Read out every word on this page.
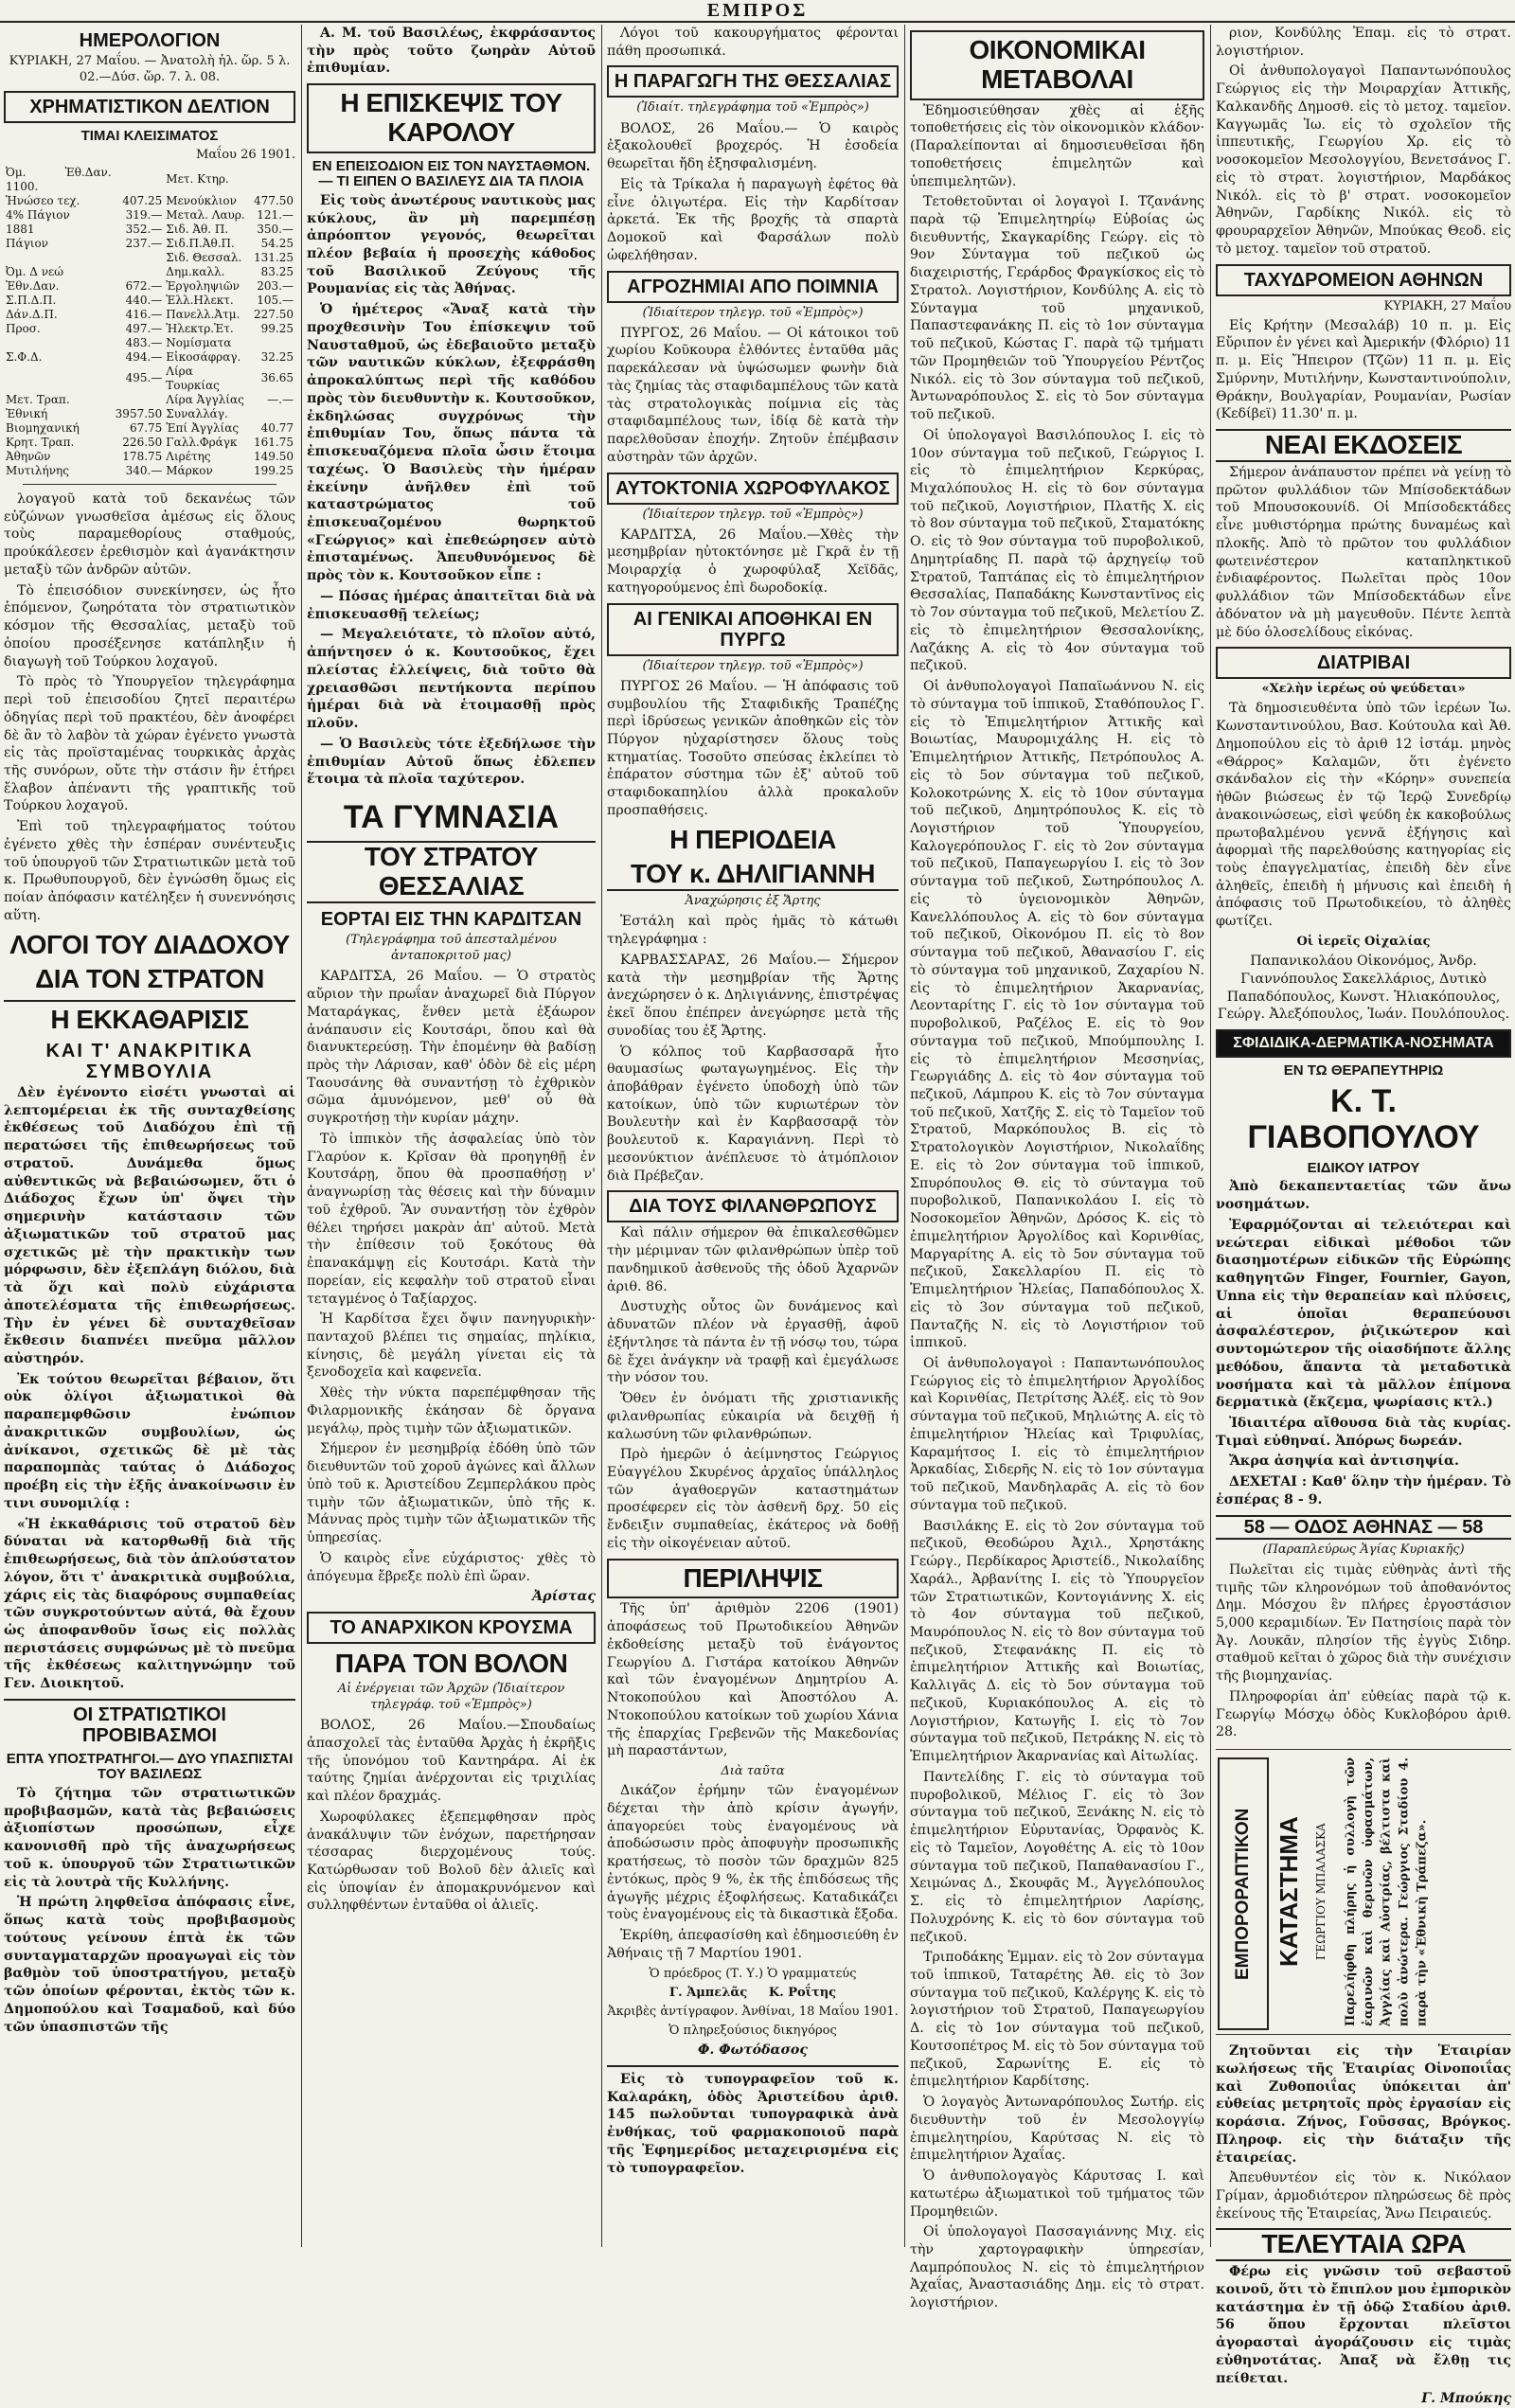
ΕΜΠΡΟΣ
ΗΜΕΡΟΛΟΓΙΟΝ
ΚΥΡΙΑΚΗ, 27 Μαΐου. — Ἀνατολὴ ἡλ. ὥρ. 5 λ. 02.—Δύσ. ὥρ. 7. λ. 08.
ΧΡΗΜΑΤΙΣΤΙΚΟΝ ΔΕΛΤΙΟΝ
ΤΙΜΑΙ ΚΛΕΙΣΙΜΑΤΟΣ
Μαΐου 26 1901.
Ὀμ. Ἐθ.Δαν. 1100.		Μετ. Κτηρ.	
Ἡνώσεο τεχ.	407.25	Μενούκλιον	477.50
4% Πάγιον	319.—	Μεταλ. Λαυρ.	121.—
1881	352.—	Σιδ. Ἀθ. Π.	350.—
Πάγιον	237.—	Σιδ.Π.Ἀθ.Π.	54.25
		Σιδ. Θεσσαλ.	131.25
Ὀμ. Δ νεώ		Δημ.καλλ.	83.25
Ἐθν.Δαν.	672.—	Ἐργοληψιῶν	203.—
Σ.Π.Δ.Π.	440.—	Ἑλλ.Ηλεκτ.	105.—
Δάν.Δ.Π.	416.—	Πανελλ.Ἀτμ.	227.50
Προσ.	497.—	Ἠλεκτρ.Ἑτ.	99.25
	483.—	Νομίσματα	
Σ.Φ.Δ.	494.—	Εἰκοσάφραγ.	32.25
	495.—	Λίρα Τουρκίας	36.65
Μετ. Τραπ.		Λίρα Ἀγγλίας	—.—
Ἐθνική	3957.50	Συναλλάγ.	
Βιομηχανική	67.75	Ἐπί Ἀγγλίας	40.77
Κρητ. Τραπ.	226.50	Γαλλ.Φράγκ	161.75
Ἀθηνῶν	178.75	Λιρέτης	149.50
Μυτιλήνης	340.—	Μάρκον	199.25

λογαγοῦ κατὰ τοῦ δεκανέως τῶν εὐζώνων γνωσθεῖσα ἀμέσως εἰς ὅλους τοὺς παραμεθορίους σταθμούς, προύκάλεσεν ἐρεθισμὸν καὶ ἀγανάκτησιν μεταξὺ τῶν ἀνδρῶν αὐτῶν.

Τὸ ἐπεισόδιον συνεκίνησεν, ὡς ἦτο ἑπόμενον, ζωηρότατα τὸν στρατιωτικὸν κόσμον τῆς Θεσσαλίας, μεταξὺ τοῦ ὁποίου προσέξενησε κατάπληξιν ἡ διαγωγὴ τοῦ Τούρκου λοχαγοῦ.

Τὸ πρὸς τὸ Ὑπουργεῖον τηλεγράφημα περὶ τοῦ ἐπεισοδίου ζητεῖ περαιτέρω ὁδηγίας περὶ τοῦ πρακτέου, δὲν ἀνοφέρει δὲ ἂν τὸ λαβὸν τὰ χώραν ἐγένετο γνωστὰ εἰς τὰς προϊσταμένας τουρκικὰς ἀρχὰς τῆς συνόρων, οὔτε τὴν στάσιν ἣν ἐτήρει ἔλαβον ἀπέναντι τῆς γραπτικῆς τοῦ Τούρκου λοχαγοῦ.

Ἐπὶ τοῦ τηλεγραφήματος τούτου ἐγένετο χθὲς τὴν ἑσπέραν συνέντευξις τοῦ ὑπουργοῦ τῶν Στρατιωτικῶν μετὰ τοῦ κ. Πρωθυπουργοῦ, δὲν ἐγνώσθη ὅμως εἰς ποίαν ἀπόφασιν κατέληξεν ἡ συνεννόησις αὕτη.

ΛΟΓΟΙ ΤΟΥ ΔΙΑΔΟΧΟΥ
ΔΙΑ ΤΟΝ ΣΤΡΑΤΟΝ
Η ΕΚΚΑΘΑΡΙΣΙΣ
ΚΑΙ Τ' ΑΝΑΚΡΙΤΙΚΑ ΣΥΜΒΟΥΛΙΑ

Δὲν ἐγένοντο εἰσέτι γνωσταὶ αἱ λεπτομέρειαι ἐκ τῆς συνταχθείσης ἐκθέσεως τοῦ Διαδόχου ἐπὶ τῇ περατώσει τῆς ἐπιθεωρήσεως τοῦ στρατοῦ. Δυνάμεθα ὅμως αὐθεντικῶς νὰ βεβαιώσωμεν, ὅτι ὁ Διάδοχος ἔχων ὑπ' ὄψει τὴν σημερινὴν κατάστασιν τῶν ἀξιωματικῶν τοῦ στρατοῦ μας σχετικῶς μὲ τὴν πρακτικὴν των μόρφωσιν, δὲν ἐξεπλάγη διόλου, διὰ τὰ ὅχι καὶ πολὺ εὐχάριστα ἀποτελέσματα τῆς ἐπιθεωρήσεως. Τὴν ἐν γένει δὲ συνταχθεῖσαν ἔκθεσιν διαπνέει πνεῦμα μᾶλλον αὐστηρόν.

Ἐκ τούτου θεωρεῖται βέβαιον, ὅτι οὐκ ὀλίγοι ἀξιωματικοὶ θὰ παραπεμφθῶσιν ἐνώπιον ἀνακριτικῶν συμβουλίων, ὡς ἀνίκανοι, σχετικῶς δὲ μὲ τὰς παραπομπὰς ταύτας ὁ Διάδοχος προέβη εἰς τὴν ἐξῆς ἀνακοίνωσιν ἐν τινι συνομιλίᾳ :

«Ἡ ἐκκαθάρισις τοῦ στρατοῦ δὲν δύναται νὰ κατορθωθῇ διὰ τῆς ἐπιθεωρήσεως, διὰ τὸν ἁπλούστατον λόγον, ὅτι τ' ἀνακριτικὰ συμβούλια, χάρις εἰς τὰς διαφόρους συμπαθείας τῶν συγκροτούντων αὐτά, θὰ ἔχουν ὡς ἀποφανθοῦν ἴσως εἰς πολλὰς περιστάσεις συμφώνως μὲ τὸ πνεῦμα τῆς ἐκθέσεως καλιτηγνώμην τοῦ Γεν. Διοικητοῦ.

ΟΙ ΣΤΡΑΤΙΩΤΙΚΟΙ ΠΡΟΒΙΒΑΣΜΟΙ
ΕΠΤΑ ΥΠΟΣΤΡΑΤΗΓΟΙ.— ΔΥΟ ΥΠΑΣΠΙΣΤΑΙ ΤΟΥ ΒΑΣΙΛΕΩΣ

Τὸ ζήτημα τῶν στρατιωτικῶν προβιβασμῶν, κατὰ τὰς βεβαιώσεις ἀξιοπίστων προσώπων, εἶχε κανονισθῆ πρὸ τῆς ἀναχωρήσεως τοῦ κ. ὑπουργοῦ τῶν Στρατιωτικῶν εἰς τὰ λουτρὰ τῆς Κυλλήνης.

Ἡ πρώτη ληφθεῖσα ἀπόφασις εἶνε, ὅπως κατὰ τοὺς προβιβασμοὺς τούτους γείνουν ἑπτὰ ἐκ τῶν συνταγματαρχῶν προαγωγαὶ εἰς τὸν βαθμὸν τοῦ ὑποστρατήγου, μεταξὺ τῶν ὁποίων φέρονται, ἐκτὸς τῶν κ. Δημοπούλου καὶ Τσαμαδοῦ, καὶ δύο τῶν ὑπασπιστῶν τῆς

Α. Μ. τοῦ Βασιλέως, ἐκφράσαντος τὴν πρὸς τοῦτο ζωηρὰν Αὐτοῦ ἐπιθυμίαν.

Η ΕΠΙΣΚΕΨΙΣ ΤΟΥ ΚΑΡΟΛΟΥ
ΕΝ ΕΠΕΙΣΟΔΙΟΝ ΕΙΣ ΤΟΝ ΝΑΥΣΤΑΘΜΟΝ.— ΤΙ ΕΙΠΕΝ Ο ΒΑΣΙΛΕΥΣ ΔΙΑ ΤΑ ΠΛΟΙΑ

Εἰς τοὺς ἀνωτέρους ναυτικοὺς μας κύκλους, ἂν μὴ παρεμπέσῃ ἀπρόοπτον γεγονός, θεωρεῖται πλέον βεβαία ἡ προσεχὴς κάθοδος τοῦ Βασιλικοῦ Ζεύγους τῆς Ρουμανίας εἰς τὰς Ἀθήνας.

Ὁ ἡμέτερος «Ἄναξ κατὰ τὴν προχθεσινὴν Του ἐπίσκεψιν τοῦ Ναυσταθμοῦ, ὡς ἐδεβαιοῦτο μεταξὺ τῶν ναυτικῶν κύκλων, ἐξεφράσθη ἀπροκαλύπτως περὶ τῆς καθόδου πρὸς τὸν διευθυντὴν κ. Κουτσοῦκον, ἐκδηλώσας συγχρόνως τὴν ἐπιθυμίαν Του, ὅπως πάντα τὰ ἐπισκευαζόμενα πλοῖα ὦσιν ἕτοιμα ταχέως. Ὁ Βασιλεὺς τὴν ἡμέραν ἐκείνην ἀνῆλθεν ἐπὶ τοῦ καταστρώματος τοῦ ἐπισκευαζομένου θωρηκτοῦ «Γεώργιος» καὶ ἐπεθεώρησεν αὐτὸ ἐπισταμένως. Ἀπευθυνόμενος δὲ πρὸς τὸν κ. Κουτσοῦκον εἶπε :

— Πόσας ἡμέρας ἀπαιτεῖται διὰ νὰ ἐπισκευασθῇ τελείως;

— Μεγαλειότατε, τὸ πλοῖον αὐτό, ἀπήντησεν ὁ κ. Κουτσοῦκος, ἔχει πλείστας ἐλλείψεις, διὰ τοῦτο θὰ χρειασθῶσι πεντήκοντα περίπου ἡμέραι διὰ νὰ ἑτοιμασθῇ πρὸς πλοῦν.

— Ὁ Βασιλεὺς τότε ἐξεδήλωσε τὴν ἐπιθυμίαν Αὐτοῦ ὅπως ἐδλεπεν ἕτοιμα τὰ πλοῖα ταχύτερον.

ΤΑ ΓΥΜΝΑΣΙΑ
ΤΟΥ ΣΤΡΑΤΟΥ ΘΕΣΣΑΛΙΑΣ
ΕΟΡΤΑΙ ΕΙΣ ΤΗΝ ΚΑΡΔΙΤΣΑΝ
(Τηλεγράφημα τοῦ ἀπεσταλμένου ἀνταποκριτοῦ μας)

ΚΑΡΔΙΤΣΑ, 26 Μαΐου. — Ὁ στρατὸς αὔριον τὴν πρωΐαν ἀναχωρεῖ διὰ Πύργον Ματαράγκας, ἔνθεν μετὰ ἑξάωρον ἀνάπαυσιν εἰς Κουτσάρι, ὅπου καὶ θὰ διανυκτερεύσῃ. Τὴν ἐπομένην θὰ βαδίσῃ πρὸς τὴν Λάρισαν, καθ' ὁδὸν δὲ εἰς μέρη Ταουσάνης θὰ συναντήσῃ τὸ ἐχθρικὸν σῶμα ἀμυνόμενον, μεθ' οὗ θὰ συγκροτήσῃ τὴν κυρίαν μάχην.

Τὸ ἱππικὸν τῆς ἀσφαλείας ὑπὸ τὸν Γλαρύον κ. Κρῖσαν θὰ προηγηθῇ ἐν Κουτσάρῃ, ὅπου θὰ προσπαθήσῃ ν' ἀναγνωρίσῃ τὰς θέσεις καὶ τὴν δύναμιν τοῦ ἐχθροῦ. Ἂν συναντήσῃ τὸν ἐχθρὸν θέλει τηρήσει μακρὰν ἀπ' αὐτοῦ. Μετὰ τὴν ἐπίθεσιν τοῦ ξοκότους θὰ ἐπανακάμψῃ εἰς Κουτσάρι. Κατὰ τὴν πορείαν, εἰς κεφαλὴν τοῦ στρατοῦ εἶναι τεταγμένος ὁ Ταξίαρχος.

Ἡ Καρδίτσα ἔχει ὄψιν πανηγυρικὴν· πανταχοῦ βλέπει τις σημαίας, πηλίκια, κίνησις, δὲ μεγάλη γίνεται εἰς τὰ ξενοδοχεῖα καὶ καφενεῖα.

Χθὲς τὴν νύκτα παρεπέμφθησαν τῆς Φιλαρμονικῆς ἐκάησαν δὲ ὄργανα μεγάλῳ, πρὸς τιμὴν τῶν ἀξιωματικῶν.

Σήμερον ἐν μεσημβρίᾳ ἐδόθη ὑπὸ τῶν διευθυντῶν τοῦ χοροῦ ἀγώνες καὶ ἄλλων ὑπὸ τοῦ κ. Ἀριστείδου Ζεμπερλάκου πρὸς τιμὴν τῶν ἀξιωματικῶν, ὑπὸ τῆς κ. Μάννας πρὸς τιμὴν τῶν ἀξιωματικῶν τῆς ὑπηρεσίας.

Ὁ καιρὸς εἶνε εὐχάριστος· χθὲς τὸ ἀπόγευμα ἔβρεξε πολὺ ἐπὶ ὥραν.

Ἀρίστας
ΤΟ ΑΝΑΡΧΙΚΟΝ ΚΡΟΥΣΜΑ
ΠΑΡΑ ΤΟΝ ΒΟΛΟΝ
Αἱ ἐνέργειαι τῶν Ἀρχῶν (Ἰδιαίτερον τηλεγράφ. τοῦ «Ἐμπρὸς»)

ΒΟΛΟΣ, 26 Μαΐου.—Σπουδαίως ἀπασχολεῖ τὰς ἐνταῦθα Ἀρχὰς ἡ ἐκρῆξις τῆς ὑπονόμου τοῦ Καντηράρα. Αἱ ἐκ ταύτης ζημίαι ἀνέρχονται εἰς τριχιλίας καὶ πλέον δραχμάς.

Χωροφύλακες ἐξεπεμφθησαν πρὸς ἀνακάλυψιν τῶν ἐνόχων, παρετήρησαν τέσσαρας διερχομένους τούς. Κατώρθωσαν τοῦ Βολοῦ δὲν ἀλιεῖς καὶ εἰς ὑποψίαν ἐν ἀπομακρυνόμενον καὶ συλληφθέντων ἐνταῦθα οἱ ἀλιεῖς.

Λόγοι τοῦ κακουργήματος φέρονται πάθη προσωπικά.

Η ΠΑΡΑΓΩΓΗ ΤΗΣ ΘΕΣΣΑΛΙΑΣ
(Ἰδιαίτ. τηλεγράφημα τοῦ «Ἐμπρὸς»)

ΒΟΛΟΣ, 26 Μαΐου.— Ὁ καιρὸς ἐξακολουθεῖ βροχερός. Ἡ ἐσοδεία θεωρεῖται ἤδη ἐξησφαλισμένη.

Εἰς τὰ Τρίκαλα ἡ παραγωγὴ ἐφέτος θὰ εἶνε ὀλιγωτέρα. Εἰς τὴν Καρδίτσαν ἀρκετά. Ἐκ τῆς βροχῆς τὰ σπαρτὰ Δομοκοῦ καὶ Φαρσάλων πολὺ ὠφελήθησαν.

ΑΓΡΟΖΗΜΙΑΙ ΑΠΟ ΠΟΙΜΝΙΑ
(Ἰδιαίτερον τηλεγρ. τοῦ «Ἐμπρὸς»)

ΠΥΡΓΟΣ, 26 Μαΐου. — Οἱ κάτοικοι τοῦ χωρίου Κοῦκουρα ἐλθόντες ἐνταῦθα μᾶς παρεκάλεσαν νὰ ὑψώσωμεν φωνὴν διὰ τὰς ζημίας τὰς σταφιδαμπέλους τῶν κατὰ τὰς στρατολογικὰς ποίμνια εἰς τὰς σταφιδαμπέλους των, ἰδίᾳ δὲ κατὰ τὴν παρελθοῦσαν ἐποχήν. Ζητοῦν ἐπέμβασιν αὐστηρὰν τῶν ἀρχῶν.

ΑΥΤΟΚΤΟΝΙΑ ΧΩΡΟΦΥΛΑΚΟΣ
(Ἰδιαίτερον τηλεγρ. τοῦ «Ἐμπρὸς»)

ΚΑΡΔΙΤΣΑ, 26 Μαΐου.—Χθὲς τὴν μεσημβρίαν ηὐτοκτόνησε μὲ Γκρᾶ ἐν τῇ Μοιραρχίᾳ ὁ χωροφύλαξ Χεϊδᾶς, κατηγορούμενος ἐπὶ δωροδοκίᾳ.

ΑΙ ΓΕΝΙΚΑΙ ΑΠΟΘΗΚΑΙ ΕΝ ΠΥΡΓΩ
(Ἰδιαίτερον τηλεγρ. τοῦ «Ἐμπρὸς»)

ΠΥΡΓΟΣ 26 Μαΐου. — Ἡ ἀπόφασις τοῦ συμβουλίου τῆς Σταφιδικῆς Τραπέζης περὶ ἱδρύσεως γενικῶν ἀποθηκῶν εἰς τὸν Πύργον ηὐχαρίστησεν ὅλους τοὺς κτηματίας. Τοσοῦτο σπεύσας ἐκλείπει τὸ ἐπάρατον σύστημα τῶν ἐξ' αὐτοῦ τοῦ σταφιδοκαπηλίου ἀλλὰ προκαλοῦν προσπαθήσεις.

Η ΠΕΡΙΟΔΕΙΑ
ΤΟΥ κ. ΔΗΛΙΓΙΑΝΝΗ
Ἀναχώρησις ἐξ Ἄρτης

Ἐστάλη καὶ πρὸς ἡμᾶς τὸ κάτωθι τηλεγράφημα :

ΚΑΡΒΑΣΣΑΡΑΣ, 26 Μαΐου.— Σήμερον κατὰ τὴν μεσημβρίαν τῆς Ἄρτης ἀνεχώρησεν ὁ κ. Δηλιγιάννης, ἐπιστρέψας ἐκεῖ ὅπου ἐπέπρεν ἀνεγώρησε μετὰ τῆς συνοδίας του ἐξ Ἄρτης.

Ὁ κόλπος τοῦ Καρβασσαρᾶ ἦτο θαυμασίως φωταγωγημένος. Εἰς τὴν ἀποβάθραν ἐγένετο ὑποδοχὴ ὑπὸ τῶν κατοίκων, ὑπὸ τῶν κυριωτέρων τὸν Βουλευτὴν καὶ ἐν Καρβασσαρᾷ τὸν βουλευτοῦ κ. Καραγιάννη. Περὶ τὸ μεσονύκτιον ἀνέπλευσε τὸ ἀτμόπλοιον διὰ Πρέβεζαν.

ΔΙΑ ΤΟΥΣ ΦΙΛΑΝΘΡΩΠΟΥΣ

Καὶ πάλιν σήμερον θὰ ἐπικαλεσθῶμεν τὴν μέριμναν τῶν φιλανθρώπων ὑπὲρ τοῦ πανδημικοῦ ἀσθενοῦς τῆς ὁδοῦ Ἀχαρνῶν ἀριθ. 86.

Δυστυχὴς οὗτος ὢν δυνάμενος καὶ ἀδυνατῶν πλέον νὰ ἐργασθῇ, ἀφοῦ ἐξήντλησε τὰ πάντα ἐν τῇ νόσῳ του, τώρα δὲ ἔχει ἀνάγκην νὰ τραφῇ καὶ ἐμεγάλωσε τὴν νόσον του.

Ὅθεν ἐν ὀνόματι τῆς χριστιανικῆς φιλανθρωπίας εὐκαιρία νὰ δειχθῇ ἡ καλωσύνη τῶν φιλανθρώπων.

Πρὸ ἡμερῶν ὁ ἀείμνηστος Γεώργιος Εὐαγγέλου Σκυρένος ἀρχαῖος ὑπάλληλος τῶν ἀγαθοεργῶν καταστημάτων προσέφερεν εἰς τὸν ἀσθενῆ δρχ. 50 εἰς ἔνδειξιν συμπαθείας, ἐκάτερος νὰ δοθῇ εἰς τὴν οἰκογένειαν αὐτοῦ.

ΠΕΡΙΛΗΨΙΣ

Τῆς ὑπ' ἀριθμὸν 2206 (1901) ἀποφάσεως τοῦ Πρωτοδικείου Ἀθηνῶν ἐκδοθείσης μεταξὺ τοῦ ἐνάγοντος Γεωργίου Δ. Γιστάρα κατοίκου Ἀθηνῶν καὶ τῶν ἐναγομένων Δημητρίου Α. Ντοκοπούλου καὶ Ἀποστόλου Α. Ντοκοπούλου κατοίκων τοῦ χωρίου Χάνια τῆς ἐπαρχίας Γρεβενῶν τῆς Μακεδονίας μὴ παραστάντων,

Διὰ ταῦτα

Δικάζον ἐρήμην τῶν ἐναγομένων δέχεται τὴν ἀπὸ κρίσιν ἀγωγήν, ἀπαγορεύει τοὺς ἐναγομένους νὰ ἀποδώσωσιν πρὸς ἀποφυγὴν προσωπικῆς κρατήσεως, τὸ ποσὸν τῶν δραχμῶν 825 ἐντόκως, πρὸς 9 %, ἐκ τῆς ἐπιδόσεως τῆς ἀγωγῆς μέχρις ἐξοφλήσεως. Καταδικάζει τοὺς ἐναγομένους εἰς τὰ δικαστικὰ ἔξοδα.

Ἐκρίθη, ἀπεφασίσθη καὶ ἐδημοσιεύθη ἐν Ἀθήναις τῇ 7 Μαρτίου 1901.

Ὁ πρόεδρος (Τ. Υ.) Ὁ γραμματεύς
Γ. Ἀμπελᾶς Κ. Ροΐτης
Ἀκριβὲς ἀντίγραφον. Ἀνθίναι, 18 Μαΐου 1901.
Ὁ πληρεξούσιος δικηγόρος
Φ. Φωτόδασος

Εἰς τὸ τυπογραφεῖον τοῦ κ. Καλαράκη, ὁδὸς Ἀριστείδου ἀριθ. 145 πωλοῦνται τυπογραφικὰ ἀνὰ ἐνθήκας, τοῦ φαρμακοποιοῦ παρὰ τῆς Ἐφημερίδος μεταχειρισμένα εἰς τὸ τυπογραφεῖον.

ΟΙΚΟΝΟΜΙΚΑΙ ΜΕΤΑΒΟΛΑΙ

Ἐδημοσιεύθησαν χθὲς αἱ ἑξῆς τοποθετήσεις εἰς τὸν οἰκονομικὸν κλάδον· (Παραλείπονται αἱ δημοσιευθεῖσαι ἤδη τοποθετήσεις ἐπιμελητῶν καὶ ὑπεπιμελητῶν).

Τετοθετοῦνται οἱ λογαγοὶ Ι. Τζανάνης παρὰ τῷ Ἐπιμελητηρίῳ Εὐβοίας ὡς διευθυντής, Σκαγκαρίδης Γεώργ. εἰς τὸ 9ον Σύνταγμα τοῦ πεζικοῦ ὡς διαχειριστής, Γεράρδος Φραγκίσκος εἰς τὸ Στρατολ. Λογιστήριον, Κονδύλης Α. εἰς τὸ Σύνταγμα τοῦ μηχανικοῦ, Παπαστεφανάκης Π. εἰς τὸ 1ον σύνταγμα τοῦ πεζικοῦ, Κώστας Γ. παρὰ τῷ τμήματι τῶν Προμηθειῶν τοῦ Ὑπουργείου Ρέντζος Νικόλ. εἰς τὸ 3ον σύνταγμα τοῦ πεζικοῦ, Ἀντωναρόπουλος Σ. εἰς τὸ 5ον σύνταγμα τοῦ πεζικοῦ.

Οἱ ὑπολογαγοὶ Βασιλόπουλος Ι. εἰς τὸ 10ον σύνταγμα τοῦ πεζικοῦ, Γεώργιος Ι. εἰς τὸ ἐπιμελητήριον Κερκύρας, Μιχαλόπουλος Η. εἰς τὸ 6ον σύνταγμα τοῦ πεζικοῦ, Λογιστήριον, Πλατῆς Χ. εἰς τὸ 8ον σύνταγμα τοῦ πεζικοῦ, Σταματόκης Ο. εἰς τὸ 9ον σύνταγμα τοῦ πυροβολικοῦ, Δημητρίαδης Π. παρὰ τῷ ἀρχηγείῳ τοῦ Στρατοῦ, Ταπτάπας εἰς τὸ ἐπιμελητήριον Θεσσαλίας, Παπαδάκης Κωνσταντῖνος εἰς τὸ 7ον σύνταγμα τοῦ πεζικοῦ, Μελετίου Ζ. εἰς τὸ ἐπιμελητήριον Θεσσαλονίκης, Λαζάκης Α. εἰς τὸ 4ον σύνταγμα τοῦ πεζικοῦ.

Οἱ ἀνθυπολογαγοὶ Παπαϊωάννου Ν. εἰς τὸ σύνταγμα τοῦ ἱππικοῦ, Σταθόπουλος Γ. εἰς τὸ Ἐπιμελητήριον Ἀττικῆς καὶ Βοιωτίας, Μαυρομιχάλης Η. εἰς τὸ Ἐπιμελητήριον Ἀττικῆς, Πετρόπουλος Α. εἰς τὸ 5ον σύνταγμα τοῦ πεζικοῦ, Κολοκοτρώνης Χ. εἰς τὸ 10ον σύνταγμα τοῦ πεζικοῦ, Δημητρόπουλος Κ. εἰς τὸ Λογιστήριον τοῦ Ὑπουργείου, Καλογερόπουλος Γ. εἰς τὸ 2ον σύνταγμα τοῦ πεζικοῦ, Παπαγεωργίου Ι. εἰς τὸ 3ον σύνταγμα τοῦ πεζικοῦ, Σωτηρόπουλος Λ. εἰς τὸ ὑγειονομικὸν Ἀθηνῶν, Κανελλόπουλος Α. εἰς τὸ 6ον σύνταγμα τοῦ πεζικοῦ, Οἰκονόμου Π. εἰς τὸ 8ον σύνταγμα τοῦ πεζικοῦ, Ἀθανασίου Γ. εἰς τὸ σύνταγμα τοῦ μηχανικοῦ, Ζαχαρίου Ν. εἰς τὸ ἐπιμελητήριον Ἀκαρνανίας, Λεονταρίτης Γ. εἰς τὸ 1ον σύνταγμα τοῦ πυροβολικοῦ, Ραζέλος Ε. εἰς τὸ 9ον σύνταγμα τοῦ πεζικοῦ, Μπούμπουλης Ι. εἰς τὸ ἐπιμελητήριον Μεσσηνίας, Γεωργιάδης Δ. εἰς τὸ 4ον σύνταγμα τοῦ πεζικοῦ, Λάμπρου Κ. εἰς τὸ 7ον σύνταγμα τοῦ πεζικοῦ, Χατζῆς Σ. εἰς τὸ Ταμεῖον τοῦ Στρατοῦ, Μαρκόπουλος Β. εἰς τὸ Στρατολογικὸν Λογιστήριον, Νικολαΐδης Ε. εἰς τὸ 2ον σύνταγμα τοῦ ἱππικοῦ, Σπυρόπουλος Θ. εἰς τὸ σύνταγμα τοῦ πυροβολικοῦ, Παπανικολάου Ι. εἰς τὸ Νοσοκομεῖον Ἀθηνῶν, Δρόσος Κ. εἰς τὸ ἐπιμελητήριον Ἀργολίδος καὶ Κορινθίας, Μαργαρίτης Α. εἰς τὸ 5ον σύνταγμα τοῦ πεζικοῦ, Σακελλαρίου Π. εἰς τὸ Ἐπιμελητήριον Ἠλείας, Παπαδόπουλος Χ. εἰς τὸ 3ον σύνταγμα τοῦ πεζικοῦ, Πανταζῆς Ν. εἰς τὸ Λογιστήριον τοῦ ἱππικοῦ.

Οἱ ἀνθυπολογαγοὶ : Παπαντωνόπουλος Γεώργιος εἰς τὸ ἐπιμελητήριον Ἀργολίδος καὶ Κορινθίας, Πετρίτσης Ἀλέξ. εἰς τὸ 9ον σύνταγμα τοῦ πεζικοῦ, Μηλιώτης Α. εἰς τὸ ἐπιμελητήριον Ἠλείας καὶ Τριφυλίας, Καραμήτσος Ι. εἰς τὸ ἐπιμελητήριον Ἀρκαδίας, Σιδερῆς Ν. εἰς τὸ 1ον σύνταγμα τοῦ πεζικοῦ, Μανδηλαρᾶς Α. εἰς τὸ 6ον σύνταγμα τοῦ πεζικοῦ.

Βασιλάκης Ε. εἰς τὸ 2ον σύνταγμα τοῦ πεζικοῦ, Θεοδώρου Ἀχιλ., Χρηστάκης Γεώργ., Περδίκαρος Ἀριστείδ., Νικολαίδης Χαράλ., Ἀρβανίτης Ι. εἰς τὸ Ὑπουργεῖον τῶν Στρατιωτικῶν, Κοντογιάννης Χ. εἰς τὸ 4ον σύνταγμα τοῦ πεζικοῦ, Μαυρόπουλος Ν. εἰς τὸ 8ον σύνταγμα τοῦ πεζικοῦ, Στεφανάκης Π. εἰς τὸ ἐπιμελητήριον Ἀττικῆς καὶ Βοιωτίας, Καλλιγᾶς Δ. εἰς τὸ 5ον σύνταγμα τοῦ πεζικοῦ, Κυριακόπουλος Α. εἰς τὸ Λογιστήριον, Κατωγῆς Ι. εἰς τὸ 7ον σύνταγμα τοῦ πεζικοῦ, Πετράκης Ν. εἰς τὸ Ἐπιμελητήριον Ἀκαρνανίας καὶ Αἰτωλίας.

Παντελίδης Γ. εἰς τὸ σύνταγμα τοῦ πυροβολικοῦ, Μέλιος Γ. εἰς τὸ 3ον σύνταγμα τοῦ πεζικοῦ, Ξενάκης Ν. εἰς τὸ ἐπιμελητήριον Εὐρυτανίας, Ὀρφανὸς Κ. εἰς τὸ Ταμεῖον, Λογοθέτης Α. εἰς τὸ 10ον σύνταγμα τοῦ πεζικοῦ, Παπαθανασίου Γ., Χειμώνας Δ., Σκουφᾶς Μ., Ἀγγελόπουλος Σ. εἰς τὸ ἐπιμελητήριον Λαρίσης, Πολυχρόνης Κ. εἰς τὸ 6ον σύνταγμα τοῦ πεζικοῦ.

Τριποδάκης Ἐμμαν. εἰς τὸ 2ον σύνταγμα τοῦ ἱππικοῦ, Ταταρέτης Ἀθ. εἰς τὸ 3ον σύνταγμα τοῦ πεζικοῦ, Καλέργης Κ. εἰς τὸ λογιστήριον τοῦ Στρατοῦ, Παπαγεωργίου Δ. εἰς τὸ 1ον σύνταγμα τοῦ πεζικοῦ, Κουτσοπέτρος Μ. εἰς τὸ 5ον σύνταγμα τοῦ πεζικοῦ, Σαρωνίτης Ε. εἰς τὸ ἐπιμελητήριον Καρδίτσης.

Ὁ λογαγὸς Ἀντωναρόπουλος Σωτήρ. εἰς διευθυντὴν τοῦ ἐν Μεσολογγίῳ ἐπιμελητηρίου, Καρύτσας Ν. εἰς τὸ ἐπιμελητήριον Ἀχαΐας.

Ὁ ἀνθυπολογαγὸς Κάρυτσας Ι. καὶ κατωτέρω ἀξιωματικοὶ τοῦ τμήματος τῶν Προμηθειῶν.

Οἱ ὑπολογαγοὶ Πασσαγιάννης Μιχ. εἰς τὴν χαρτογραφικὴν ὑπηρεσίαν, Λαμπρόπουλος Ν. εἰς τὸ ἐπιμελητήριον Ἀχαΐας, Ἀναστασιάδης Δημ. εἰς τὸ στρατ. λογιστήριον.

ριον, Κονδύλης Ἐπαμ. εἰς τὸ στρατ. λογιστήριον.

Οἱ ἀνθυπολογαγοὶ Παπαντωνόπουλος Γεώργιος εἰς τὴν Μοιραρχίαν Ἀττικῆς, Καλκανδῆς Δημοσθ. εἰς τὸ μετοχ. ταμεῖον. Καγγωμᾶς Ἰω. εἰς τὸ σχολεῖον τῆς ἱππευτικῆς, Γεωργίου Χρ. εἰς τὸ νοσοκομεῖον Μεσολογγίου, Βενετσάνος Γ. εἰς τὸ στρατ. λογιστήριον, Μαρδάκος Νικόλ. εἰς τὸ β' στρατ. νοσοκομεῖον Ἀθηνῶν, Γαρδίκης Νικόλ. εἰς τὸ φρουραρχεῖον Ἀθηνῶν, Μπούκας Θεοδ. εἰς τὸ μετοχ. ταμεῖον τοῦ στρατοῦ.

ΤΑΧΥΔΡΟΜΕΙΟΝ ΑΘΗΝΩΝ
ΚΥΡΙΑΚΗ, 27 Μαΐου

Εἰς Κρήτην (Μεσαλάβ) 10 π. μ. Εἰς Εὔριπον ἐν γένει καὶ Ἀμερικήν (Φλόριο) 11 π. μ. Εἰς Ἤπειρον (Τζῶν) 11 π. μ. Εἰς Σμύρνην, Μυτιλήνην, Κωνσταντινούπολιν, Θράκην, Βουλγαρίαν, Ρουμανίαν, Ρωσίαν (Κεδίβεϊ) 11.30' π. μ.

ΝΕΑΙ ΕΚΔΟΣΕΙΣ

Σήμερον ἀνάπαυστον πρέπει νὰ γείνῃ τὸ πρῶτον φυλλάδιον τῶν Μπίσοδεκτάδων τοῦ Μπουσοκουνίδ. Οἱ Μπίσοδεκτάδες εἶνε μυθιστόρημα πρώτης δυναμέως καὶ πλοκῆς. Ἀπὸ τὸ πρῶτον του φυλλάδιον φωτεινέστερον καταπληκτικοῦ ἐνδιαφέροντος. Πωλεῖται πρὸς 10ον φυλλάδιον τῶν Μπίσοδεκτάδων εἶνε ἀδόνατον νὰ μὴ μαγευθοῦν. Πέντε λεπτὰ μὲ δύο ὁλοσελίδους εἰκόνας.

ΔΙΑΤΡΙΒΑΙ
«Χελὴν ἱερέως οὐ ψεύδεται»

Τὰ δημοσιευθέντα ὑπὸ τῶν ἱερέων Ἰω. Κωνσταντινούλου, Βασ. Κούτουλα καὶ Ἀθ. Δημοπούλου εἰς τὸ ἀριθ 12 ἱστάμ. μηνὸς «Θάρρος» Καλαμῶν, ὅτι ἐγένετο σκάνδαλον εἰς τὴν «Κόρην» συνεπεία ἠθῶν βιώσεως ἐν τῷ Ἱερῷ Συνεδρίῳ ἀνακοινώσεως, εἰσὶ ψεύδη ἐκ κακοβούλως πρωτοβαλμένου γεννᾶ ἐξήγησις καὶ ἀφορμαὶ τῆς παρελθούσης κατηγορίας εἰς τοὺς ἐπαγγελματίας, ἐπειδὴ δὲν εἶνε ἀληθεῖς, ἐπειδὴ ἡ μήνυσις καὶ ἐπειδὴ ἡ ἀπόφασις τοῦ Πρωτοδικείου, τὸ ἀληθὲς φωτίζει.

Οἱ ἱερεῖς Οἰχαλίας

Παπανικολάου Οἰκονόμος, Ἀνδρ. Γιαννόπουλος Σακελλάριος, Δυτικὸ Παπαδόπουλος, Κωνστ. Ἠλιακόπουλος, Γεώργ. Ἀλεξόπουλος, Ἰωάν. Πουλόπουλος.

ΣΦΙΔΙΔΙΚΑ-ΔΕΡΜΑΤΙΚΑ-ΝΟΣΗΜΑΤΑ
ΕΝ ΤΩ ΘΕΡΑΠΕΥΤΗΡΙΩ
Κ. Τ. ΓΙΑΒΟΠΟΥΛΟΥ
ΕΙΔΙΚΟΥ ΙΑΤΡΟΥ

Ἀπὸ δεκαπενταετίας τῶν ἄνω νοσημάτων.

Ἐφαρμόζονται αἱ τελειότεραι καὶ νεώτεραι εἰδικαὶ μέθοδοι τῶν διασημοτέρων εἰδικῶν τῆς Εὐρώπης καθηγητῶν Finger, Fournier, Gayon, Unna εἰς τὴν θεραπείαν καὶ πλύσεις, αἱ ὁποῖαι θεραπεύουσι ἀσφαλέστερον, ῥιζικώτερον καὶ συντομώτερον τῆς οἱασδήποτε ἄλλης μεθόδου, ἅπαντα τὰ μεταδοτικὰ νοσήματα καὶ τὰ μᾶλλον ἐπίμονα δερματικὰ (ἔκζεμα, ψωρίασις κτλ.)

Ἰδιαιτέρα αἴθουσα διὰ τὰς κυρίας. Τιμαὶ εὐθηναί. Ἀπόρως δωρεάν.

Ἄκρα ἀσηψία καὶ ἀντισηψία.

ΔΕΧΕΤΑΙ : Καθ' ὅλην τὴν ἡμέραν. Τὸ ἑσπέρας 8 - 9.

58 — ΟΔΟΣ ΑΘΗΝΑΣ — 58
(Παραπλεύρως Ἁγίας Κυριακῆς)

Πωλεῖται εἰς τιμὰς εὐθηνὰς ἀντὶ τῆς τιμῆς τῶν κληρονόμων τοῦ ἀποθανόντος Δημ. Μόσχου ἓν πλήρες ἐργοστάσιον 5,000 κεραμιδίων. Ἐν Πατησίοις παρὰ τὸν Ἀγ. Λουκᾶν, πλησίον τῆς ἐγγὺς Σιδηρ. σταθμοῦ κεῖται ὁ χῶρος διὰ τὴν συνέχισιν τῆς βιομηχανίας.

Πληροφορίαι ἀπ' εὐθείας παρὰ τῷ κ. Γεωργίῳ Μόσχῳ ὁδὸς Κυκλοβόρου ἀριθ. 28.

ΕΜΠΟΡΟΡΑΠΤΙΚΟΝ ΚΑΤΑΣΤΗΜΑ	ΓΕΩΡΓΙΟΥ ΜΠΑΛΑΣΚΑ	Παρελήφθη πλήρης ἡ συλλογὴ τῶν ἐαρινῶν καὶ θερινῶν ὑφασμάτων, Ἀγγλίας καὶ Αὐστρίας, βέλτιστα καὶ πολὺ ἀνώτερα. Γεώργιος Σταδίου 4. παρὰ τὴν «Ἐθνικὴ Τράπεζα».

Ζητοῦνται εἰς τὴν Ἑταιρίαν κωλήσεως τῆς Ἑταιρίας Οἰνοποιΐας καὶ Ζυθοποιΐας ὑπόκειται ἀπ' εὐθείας μετρητοῖς πρὸς ἐργασίαν εἰς κοράσια. Ζήνος, Γοῦσσας, Βρόγκος. Πληροφ. εἰς τὴν διάταξιν τῆς ἑταιρείας.

Ἀπευθυντέον εἰς τὸν κ. Νικόλαον Γρίμαν, ἀρμοδιότερον πληρώσεως δὲ πρὸς ἐκείνους τῆς Ἑταιρείας, Ἄνω Πειραιεύς.

ΤΕΛΕΥΤΑΙΑ ΩΡΑ

Φέρω εἰς γνῶσιν τοῦ σεβαστοῦ κοινοῦ, ὅτι τὸ ἔπιπλον μου ἐμπορικὸν κατάστημα ἐν τῇ ὁδῷ Σταδίου ἀριθ. 56 ὅπου ἔρχονται πλεῖστοι ἀγορασταὶ ἀγοράζουσιν εἰς τιμὰς εὐθηνοτάτας. Ἀπαξ νὰ ἔλθῃ τις πείθεται.

Γ. Μπούκης
